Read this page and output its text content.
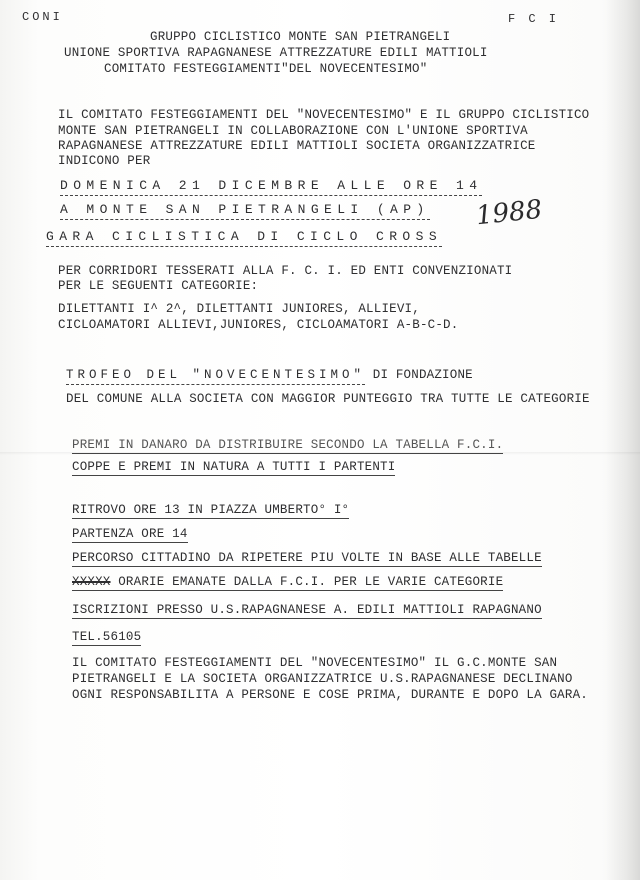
CONI	F C I
GRUPPO CICLISTICO MONTE SAN PIETRANGELI
UNIONE SPORTIVA RAPAGNANESE ATTREZZATURE EDILI MATTIOLI
COMITATO FESTEGGIAMENTI"DEL NOVECENTESIMO"
IL COMITATO FESTEGGIAMENTI DEL "NOVECENTESIMO" E IL GRUPPO CICLISTICO
MONTE SAN PIETRANGELI IN COLLABORAZIONE CON L'UNIONE SPORTIVA
RAPAGNANESE ATTREZZATURE EDILI MATTIOLI SOCIETA ORGANIZZATRICE
INDICONO PER
DOMENICA 21 DICEMBRE ALLE ORE 14
A MONTE SAN PIETRANGELI (AP) 1988
GARA CICLISTICA DI CICLO CROSS
PER CORRIDORI TESSERATI ALLA F. C. I. ED ENTI CONVENZIONATI
PER LE SEGUENTI CATEGORIE:
DILETTANTI I^ 2^, DILETTANTI JUNIORES, ALLIEVI,
CICLOAMATORI ALLIEVI,JUNIORES, CICLOAMATORI A-B-C-D.
TROFEO DEL "NOVECENTESIMO" DI FONDAZIONE
DEL COMUNE ALLA SOCIETA CON MAGGIOR PUNTEGGIO TRA TUTTE LE CATEGORIE
PREMI IN DANARO DA DISTRIBUIRE SECONDO LA TABELLA F.C.I.
COPPE E PREMI IN NATURA A TUTTI I PARTENTI
RITROVO ORE 13 IN PIAZZA UMBERTO° I°
PARTENZA ORE 14
PERCORSO CITTADINO DA RIPETERE PIU VOLTE IN BASE ALLE TABELLE
XXXXX ORARIE EMANATE DALLA F.C.I. PER LE VARIE CATEGORIE
ISCRIZIONI PRESSO U.S.RAPAGNANESE A. EDILI MATTIOLI RAPAGNANO
TEL.56105
IL COMITATO FESTEGGIAMENTI DEL "NOVECENTESIMO" IL G.C.MONTE SAN
PIETRANGELI E LA SOCIETA ORGANIZZATRICE U.S.RAPAGNANESE DECLINANO
OGNI RESPONSABILITA A PERSONE E COSE PRIMA, DURANTE E DOPO LA GARA.
